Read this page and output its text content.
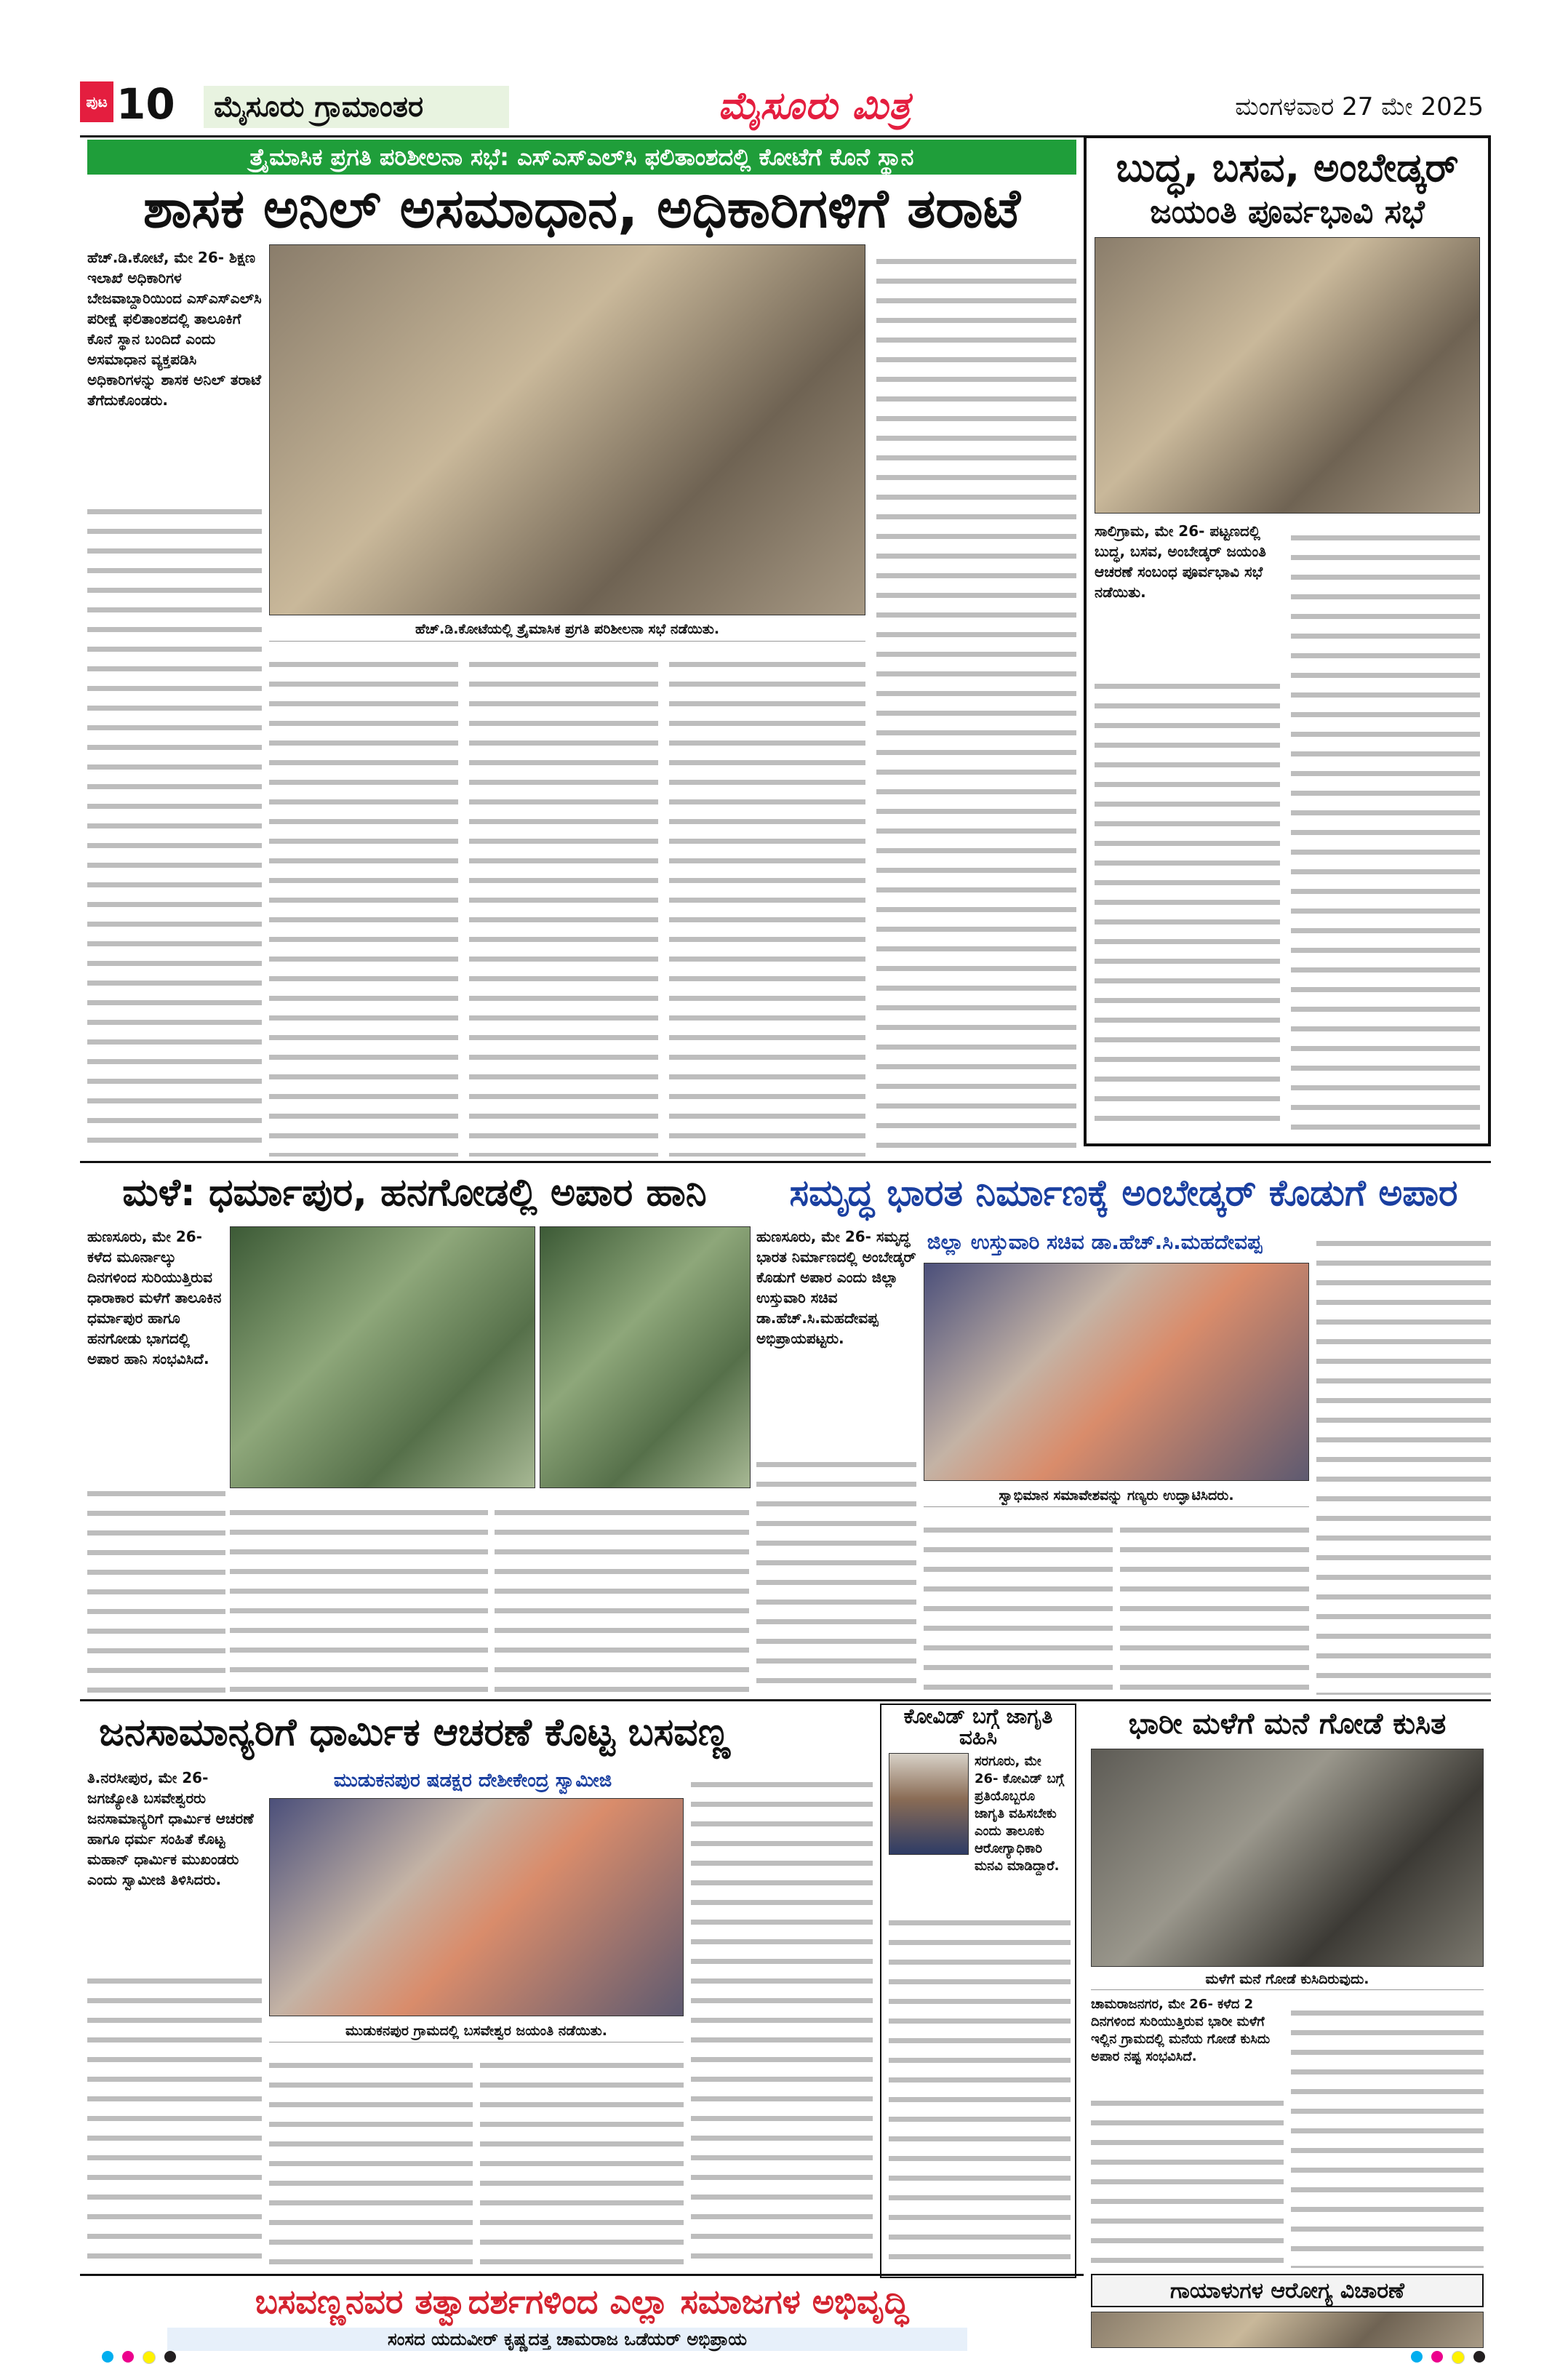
ಪುಟ 10	ಮೈಸೂರು ಗ್ರಾಮಾಂತರ	ಮೈಸೂರು ಮಿತ್ರ	ಮಂಗಳವಾರ 27 ಮೇ 2025
ತ್ರೈಮಾಸಿಕ ಪ್ರಗತಿ ಪರಿಶೀಲನಾ ಸಭೆ: ಎಸ್‌ಎಸ್‌ಎಲ್‌ಸಿ ಫಲಿತಾಂಶದಲ್ಲಿ ಕೋಟೆಗೆ ಕೊನೆ ಸ್ಥಾನ
ಶಾಸಕ ಅನಿಲ್ ಅಸಮಾಧಾನ, ಅಧಿಕಾರಿಗಳಿಗೆ ತರಾಟೆ
ಹೆಚ್.ಡಿ.ಕೋಟೆ, ಮೇ 26- ಶಿಕ್ಷಣ ಇಲಾಖೆ ಅಧಿಕಾರಿಗಳ ಬೇಜವಾಬ್ದಾರಿಯಿಂದ ಎಸ್‌ಎಸ್‌ಎಲ್‌ಸಿ ಪರೀಕ್ಷೆ ಫಲಿತಾಂಶದಲ್ಲಿ ತಾಲೂಕಿಗೆ ಕೊನೆ ಸ್ಥಾನ ಬಂದಿದೆ ಎಂದು ಅಸಮಾಧಾನ ವ್ಯಕ್ತಪಡಿಸಿ ಅಧಿಕಾರಿಗಳನ್ನು ಶಾಸಕ ಅನಿಲ್ ತರಾಟೆ ತೆಗೆದುಕೊಂಡರು.
ಹೆಚ್.ಡಿ.ಕೋಟೆಯಲ್ಲಿ ತ್ರೈಮಾಸಿಕ ಪ್ರಗತಿ ಪರಿಶೀಲನಾ ಸಭೆ ನಡೆಯಿತು.
ಬುದ್ಧ, ಬಸವ, ಅಂಬೇಡ್ಕರ್
ಜಯಂತಿ ಪೂರ್ವಭಾವಿ ಸಭೆ
ಸಾಲಿಗ್ರಾಮ, ಮೇ 26- ಪಟ್ಟಣದಲ್ಲಿ ಬುದ್ಧ, ಬಸವ, ಅಂಬೇಡ್ಕರ್ ಜಯಂತಿ ಆಚರಣೆ ಸಂಬಂಧ ಪೂರ್ವಭಾವಿ ಸಭೆ ನಡೆಯಿತು.
ಮಳೆ: ಧರ್ಮಾಪುರ, ಹನಗೋಡಲ್ಲಿ ಅಪಾರ ಹಾನಿ
ಹುಣಸೂರು, ಮೇ 26- ಕಳೆದ ಮೂರ್ನಾಲ್ಕು ದಿನಗಳಿಂದ ಸುರಿಯುತ್ತಿರುವ ಧಾರಾಕಾರ ಮಳೆಗೆ ತಾಲೂಕಿನ ಧರ್ಮಾಪುರ ಹಾಗೂ ಹನಗೋಡು ಭಾಗದಲ್ಲಿ ಅಪಾರ ಹಾನಿ ಸಂಭವಿಸಿದೆ.
ಸಮೃದ್ಧ ಭಾರತ ನಿರ್ಮಾಣಕ್ಕೆ ಅಂಬೇಡ್ಕರ್ ಕೊಡುಗೆ ಅಪಾರ
ಹುಣಸೂರು, ಮೇ 26- ಸಮೃದ್ಧ ಭಾರತ ನಿರ್ಮಾಣದಲ್ಲಿ ಅಂಬೇಡ್ಕರ್ ಕೊಡುಗೆ ಅಪಾರ ಎಂದು ಜಿಲ್ಲಾ ಉಸ್ತುವಾರಿ ಸಚಿವ ಡಾ.ಹೆಚ್.ಸಿ.ಮಹದೇವಪ್ಪ ಅಭಿಪ್ರಾಯಪಟ್ಟರು.
ಜಿಲ್ಲಾ ಉಸ್ತುವಾರಿ ಸಚಿವ ಡಾ.ಹೆಚ್.ಸಿ.ಮಹದೇವಪ್ಪ
ಸ್ವಾಭಿಮಾನ ಸಮಾವೇಶವನ್ನು ಗಣ್ಯರು ಉದ್ಘಾಟಿಸಿದರು.
ಜನಸಾಮಾನ್ಯರಿಗೆ ಧಾರ್ಮಿಕ ಆಚರಣೆ ಕೊಟ್ಟ ಬಸವಣ್ಣ
ತಿ.ನರಸೀಪುರ, ಮೇ 26- ಜಗಜ್ಯೋತಿ ಬಸವೇಶ್ವರರು ಜನಸಾಮಾನ್ಯರಿಗೆ ಧಾರ್ಮಿಕ ಆಚರಣೆ ಹಾಗೂ ಧರ್ಮ ಸಂಹಿತೆ ಕೊಟ್ಟ ಮಹಾನ್ ಧಾರ್ಮಿಕ ಮುಖಂಡರು ಎಂದು ಸ್ವಾಮೀಜಿ ತಿಳಿಸಿದರು.
ಮುಡುಕನಪುರ ಷಡಕ್ಷರ ದೇಶೀಕೇಂದ್ರ ಸ್ವಾಮೀಜಿ
ಮುಡುಕನಪುರ ಗ್ರಾಮದಲ್ಲಿ ಬಸವೇಶ್ವರ ಜಯಂತಿ ನಡೆಯಿತು.
ಕೋವಿಡ್ ಬಗ್ಗೆ ಜಾಗೃತಿ ವಹಿಸಿ
ಸರಗೂರು, ಮೇ 26- ಕೋವಿಡ್ ಬಗ್ಗೆ ಪ್ರತಿಯೊಬ್ಬರೂ ಜಾಗೃತಿ ವಹಿಸಬೇಕು ಎಂದು ತಾಲೂಕು ಆರೋಗ್ಯಾಧಿಕಾರಿ ಮನವಿ ಮಾಡಿದ್ದಾರೆ.
ಭಾರೀ ಮಳೆಗೆ ಮನೆ ಗೋಡೆ ಕುಸಿತ
ಮಳೆಗೆ ಮನೆ ಗೋಡೆ ಕುಸಿದಿರುವುದು.
ಚಾಮರಾಜನಗರ, ಮೇ 26- ಕಳೆದ 2 ದಿನಗಳಿಂದ ಸುರಿಯುತ್ತಿರುವ ಭಾರೀ ಮಳೆಗೆ ಇಲ್ಲಿನ ಗ್ರಾಮದಲ್ಲಿ ಮನೆಯ ಗೋಡೆ ಕುಸಿದು ಅಪಾರ ನಷ್ಟ ಸಂಭವಿಸಿದೆ.
ಗಾಯಾಳುಗಳ ಆರೋಗ್ಯ ವಿಚಾರಣೆ
ಬಸವಣ್ಣನವರ ತತ್ವಾದರ್ಶಗಳಿಂದ ಎಲ್ಲಾ ಸಮಾಜಗಳ ಅಭಿವೃದ್ಧಿ
ಸಂಸದ ಯದುವೀರ್ ಕೃಷ್ಣದತ್ತ ಚಾಮರಾಜ ಒಡೆಯರ್ ಅಭಿಪ್ರಾಯ
